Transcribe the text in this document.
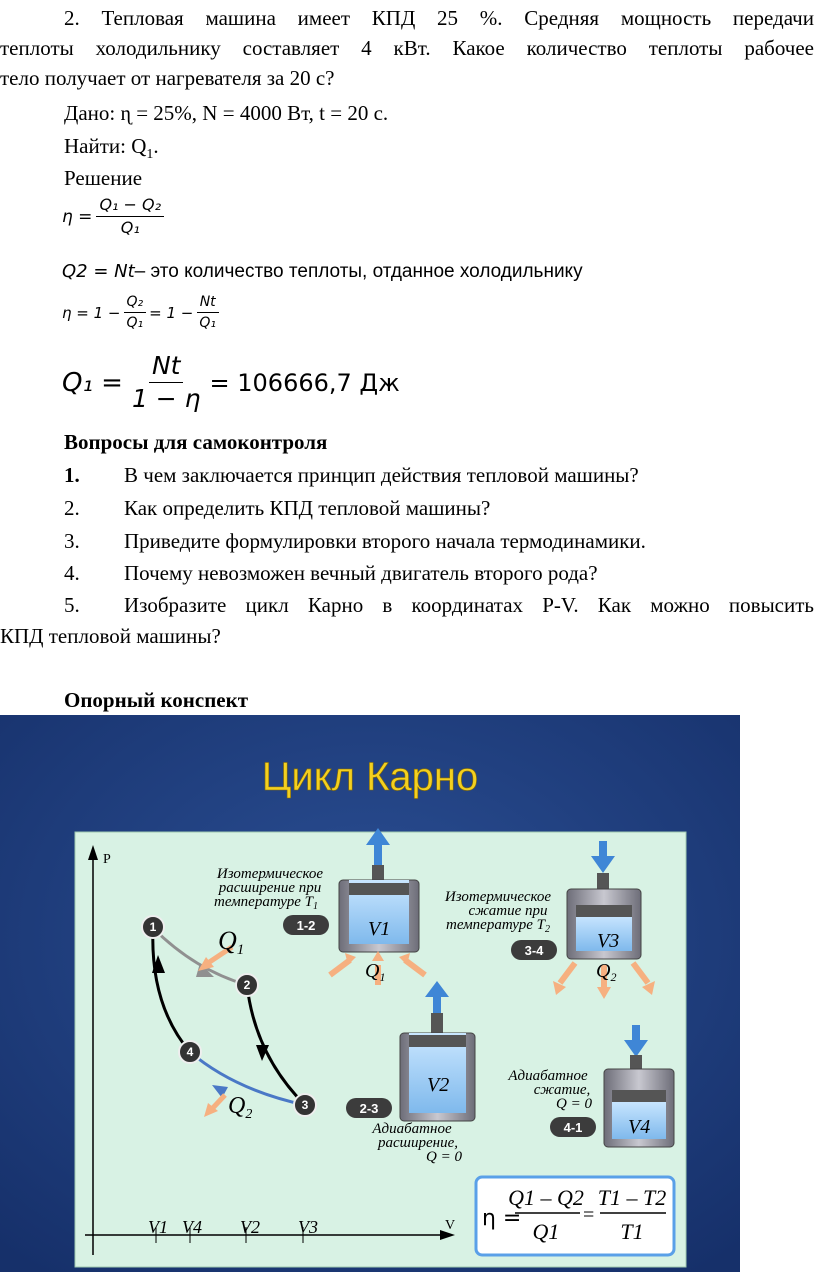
2. Тепловая машина имеет КПД 25 %. Средняя мощность передачи
теплоты холодильнику составляет 4 кВт. Какое количество теплоты рабочее
тело получает от нагревателя за 20 с?
Дано: ɳ = 25%, N = 4000 Вт, t = 20 с.
Найти: $Q_1$.
Решение
$\eta = \frac{\text{Q₁ − Q₂}}{\text{Q₁}}$
Q2 = Nt– это количество теплоты, отданное холодильнику
$\eta = 1 - \frac{\text{Q₂}}{\text{Q₁}} = 1 - \frac{Nt}{\text{Q₁}}$
$Q_1 = \frac{Nt}{1 - \eta} = 106666,7$ Дж
Вопросы для самоконтроля
1. В чем заключается принцип действия тепловой машины?
2. Как определить КПД тепловой машины?
3. Приведите формулировки второго начала термодинамики.
4. Почему невозможен вечный двигатель второго рода?
5. Изобразите цикл Карно в координатах P-V. Как можно повысить
КПД тепловой машины?
Опорный конспект
Цикл Карно
P
V
V1 V4 V2 V3
Q1
$Q_2$
1
2
3
4
Изотермическое
расширение при
температуре $T_1$
1-2
Изотермическое
сжатие при
температуре $T_2$
3-4
2-3
Адиабатное
расширение,
Q = 0
Адиабатное
сжатие,
Q = 0
4-1
V1
$Q_1$
V3
$Q_2$
V2
V4
η =
Q1 – Q2
Q1
=
T1 – T2
T1
